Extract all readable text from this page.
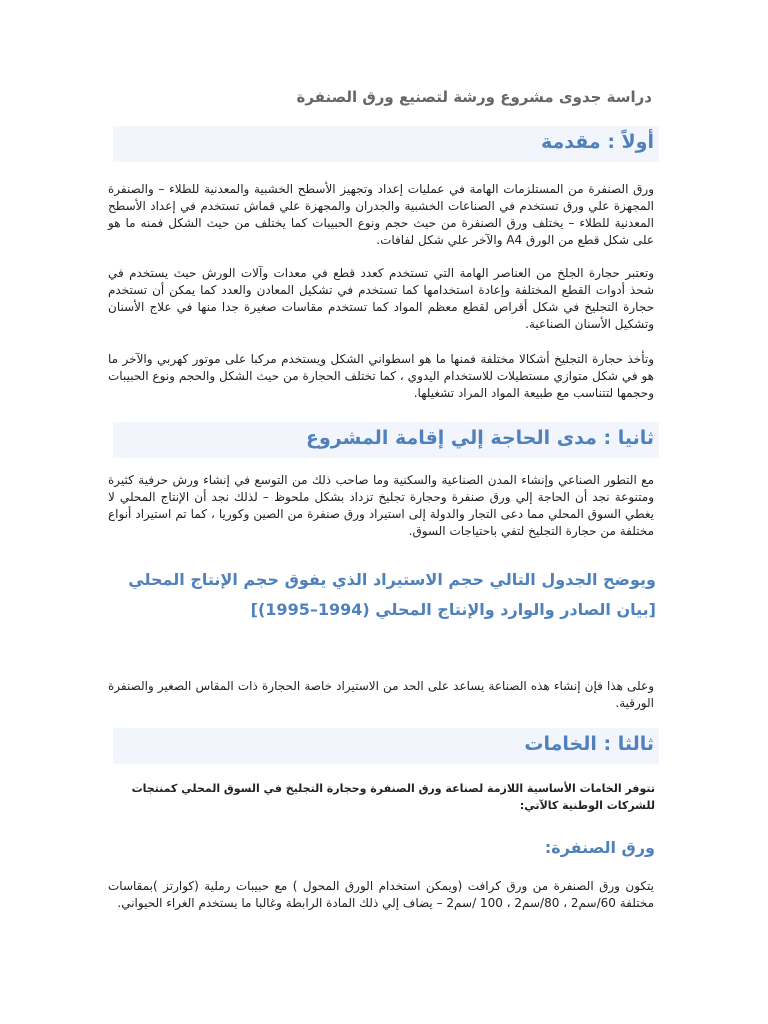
دراسة جدوى مشروع ورشة لتصنيع ورق الصنفرة
أولاً : مقدمة

ورق الصنفرة من المستلزمات الهامة في عمليات إعداد وتجهيز الأسطح الخشبية والمعدنية للطلاء – والصنفرة المجهزة علي ورق تستخدم في الصناعات الخشبية والجدران والمجهزة علي قماش تستخدم في إعداد الأسطح المعدنية للطلاء – يختلف ورق الصنفرة من حيث حجم ونوع الحبيبات كما يختلف من حيث الشكل فمنه ما هو على شكل قطع من الورق A4 والآخر علي شكل لفافات.

وتعتبر حجارة الجلخ من العناصر الهامة التي تستخدم كعدد قطع في معدات وآلات الورش حيث يستخدم في شحذ أدوات القطع المختلفة وإعادة استخدامها كما تستخدم في تشكيل المعادن والعدد كما يمكن أن تستخدم حجارة التجليخ في شكل أقراص لقطع معظم المواد كما تستخدم مقاسات صغيرة جدا منها في علاج الأسنان وتشكيل الأسنان الصناعية.

وتأخذ حجارة التجليخ أشكالا مختلفة فمنها ما هو اسطواني الشكل ويستخدم مركبا على موتور كهربي والآخر ما هو في شكل متوازي مستطيلات للاستخدام اليدوي ، كما تختلف الحجارة من حيث الشكل والحجم ونوع الحبيبات وحجمها لتتناسب مع طبيعة المواد المراد تشغيلها.

ثانيا : مدى الحاجة إلي إقامة المشروع

مع التطور الصناعي وإنشاء المدن الصناعية والسكنية وما صاحب ذلك من التوسع في إنشاء ورش حرفية كثيرة ومتنوعة نجد أن الحاجة إلي ورق صنفرة وحجارة تجليخ تزداد بشكل ملحوظ – لذلك نجد أن الإنتاج المحلي لا يغطي السوق المحلي مما دعى التجار والدولة إلى استيراد ورق صنفرة من الصين وكوريا ، كما تم استيراد أنواع مختلفة من حجارة التجليخ لتفي باحتياجات السوق.

ويوضح الجدول التالي حجم الاستيراد الذي يفوق حجم الإنتاج المحلي [بيان الصادر والوارد والإنتاج المحلي (1994–1995)]

وعلى هذا فإن إنشاء هذه الصناعة يساعد على الحد من الاستيراد خاصة الحجارة ذات المقاس الصغير والصنفرة الورقية.

ثالثا : الخامات

تتوفر الخامات الأساسية اللازمة لصناعة ورق الصنفرة وحجارة التجليخ في السوق المحلي كمنتجات للشركات الوطنية كالآتي:

ورق الصنفرة:

يتكون ورق الصنفرة من ورق كرافت (ويمكن استخدام الورق المحول ) مع حبيبات رملية (كوارتز )بمقاسات مختلفة 60/سم2 ، 80/سم2 ، 100 /سم2 – يضاف إلي ذلك المادة الرابطة وغالبا ما يستخدم الغراء الحيواني.
